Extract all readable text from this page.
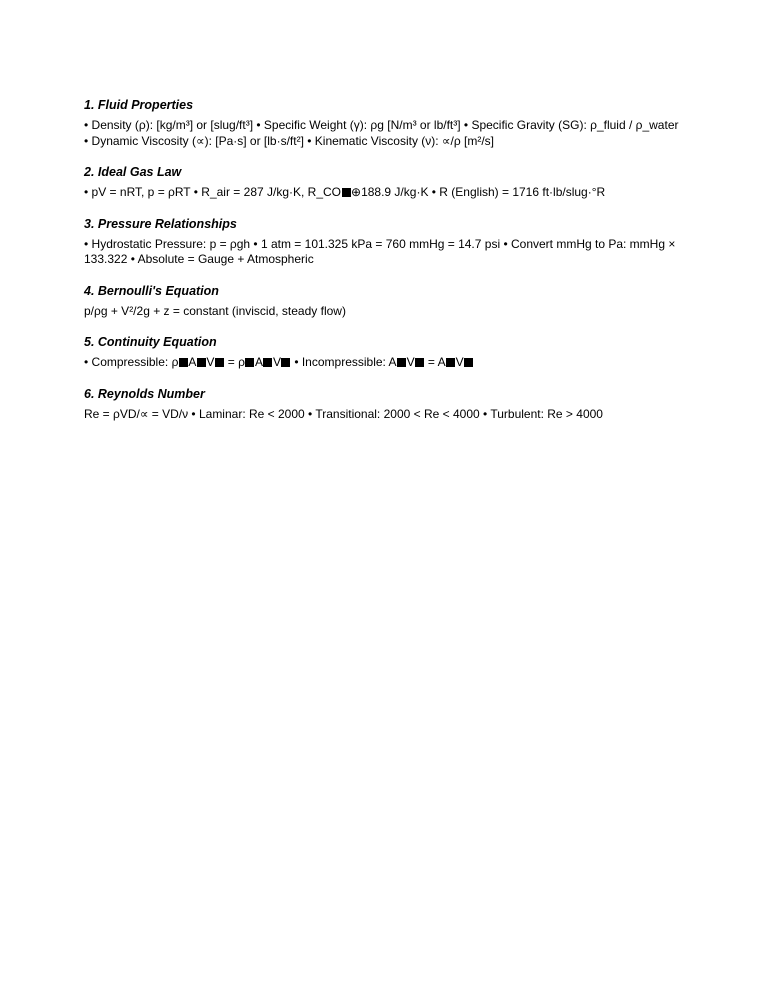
1. Fluid Properties

• Density (ρ): [kg/m³] or [slug/ft³] • Specific Weight (γ): ρg [N/m³ or lb/ft³] • Specific Gravity (SG): ρ_fluid / ρ_water • Dynamic Viscosity (∝): [Pa·s] or [lb·s/ft²] • Kinematic Viscosity (ν): ∝/ρ [m²/s]

2. Ideal Gas Law

• pV = nRT, p = ρRT • R_air = 287 J/kg·K, R_CO ⊕188.9 J/kg·K • R (English) = 1716 ft·lb/slug·°R

3. Pressure Relationships

• Hydrostatic Pressure: p = ρgh • 1 atm = 101.325 kPa = 760 mmHg = 14.7 psi • Convert mmHg to Pa: mmHg × 133.322 • Absolute = Gauge + Atmospheric

4. Bernoulli's Equation

p/ρg + V²/2g + z = constant (inviscid, steady flow)

5. Continuity Equation

• Compressible: ρ A V = ρ A V • Incompressible: A V = A V

6. Reynolds Number

Re = ρVD/∝ = VD/ν • Laminar: Re < 2000 • Transitional: 2000 < Re < 4000 • Turbulent: Re > 4000
